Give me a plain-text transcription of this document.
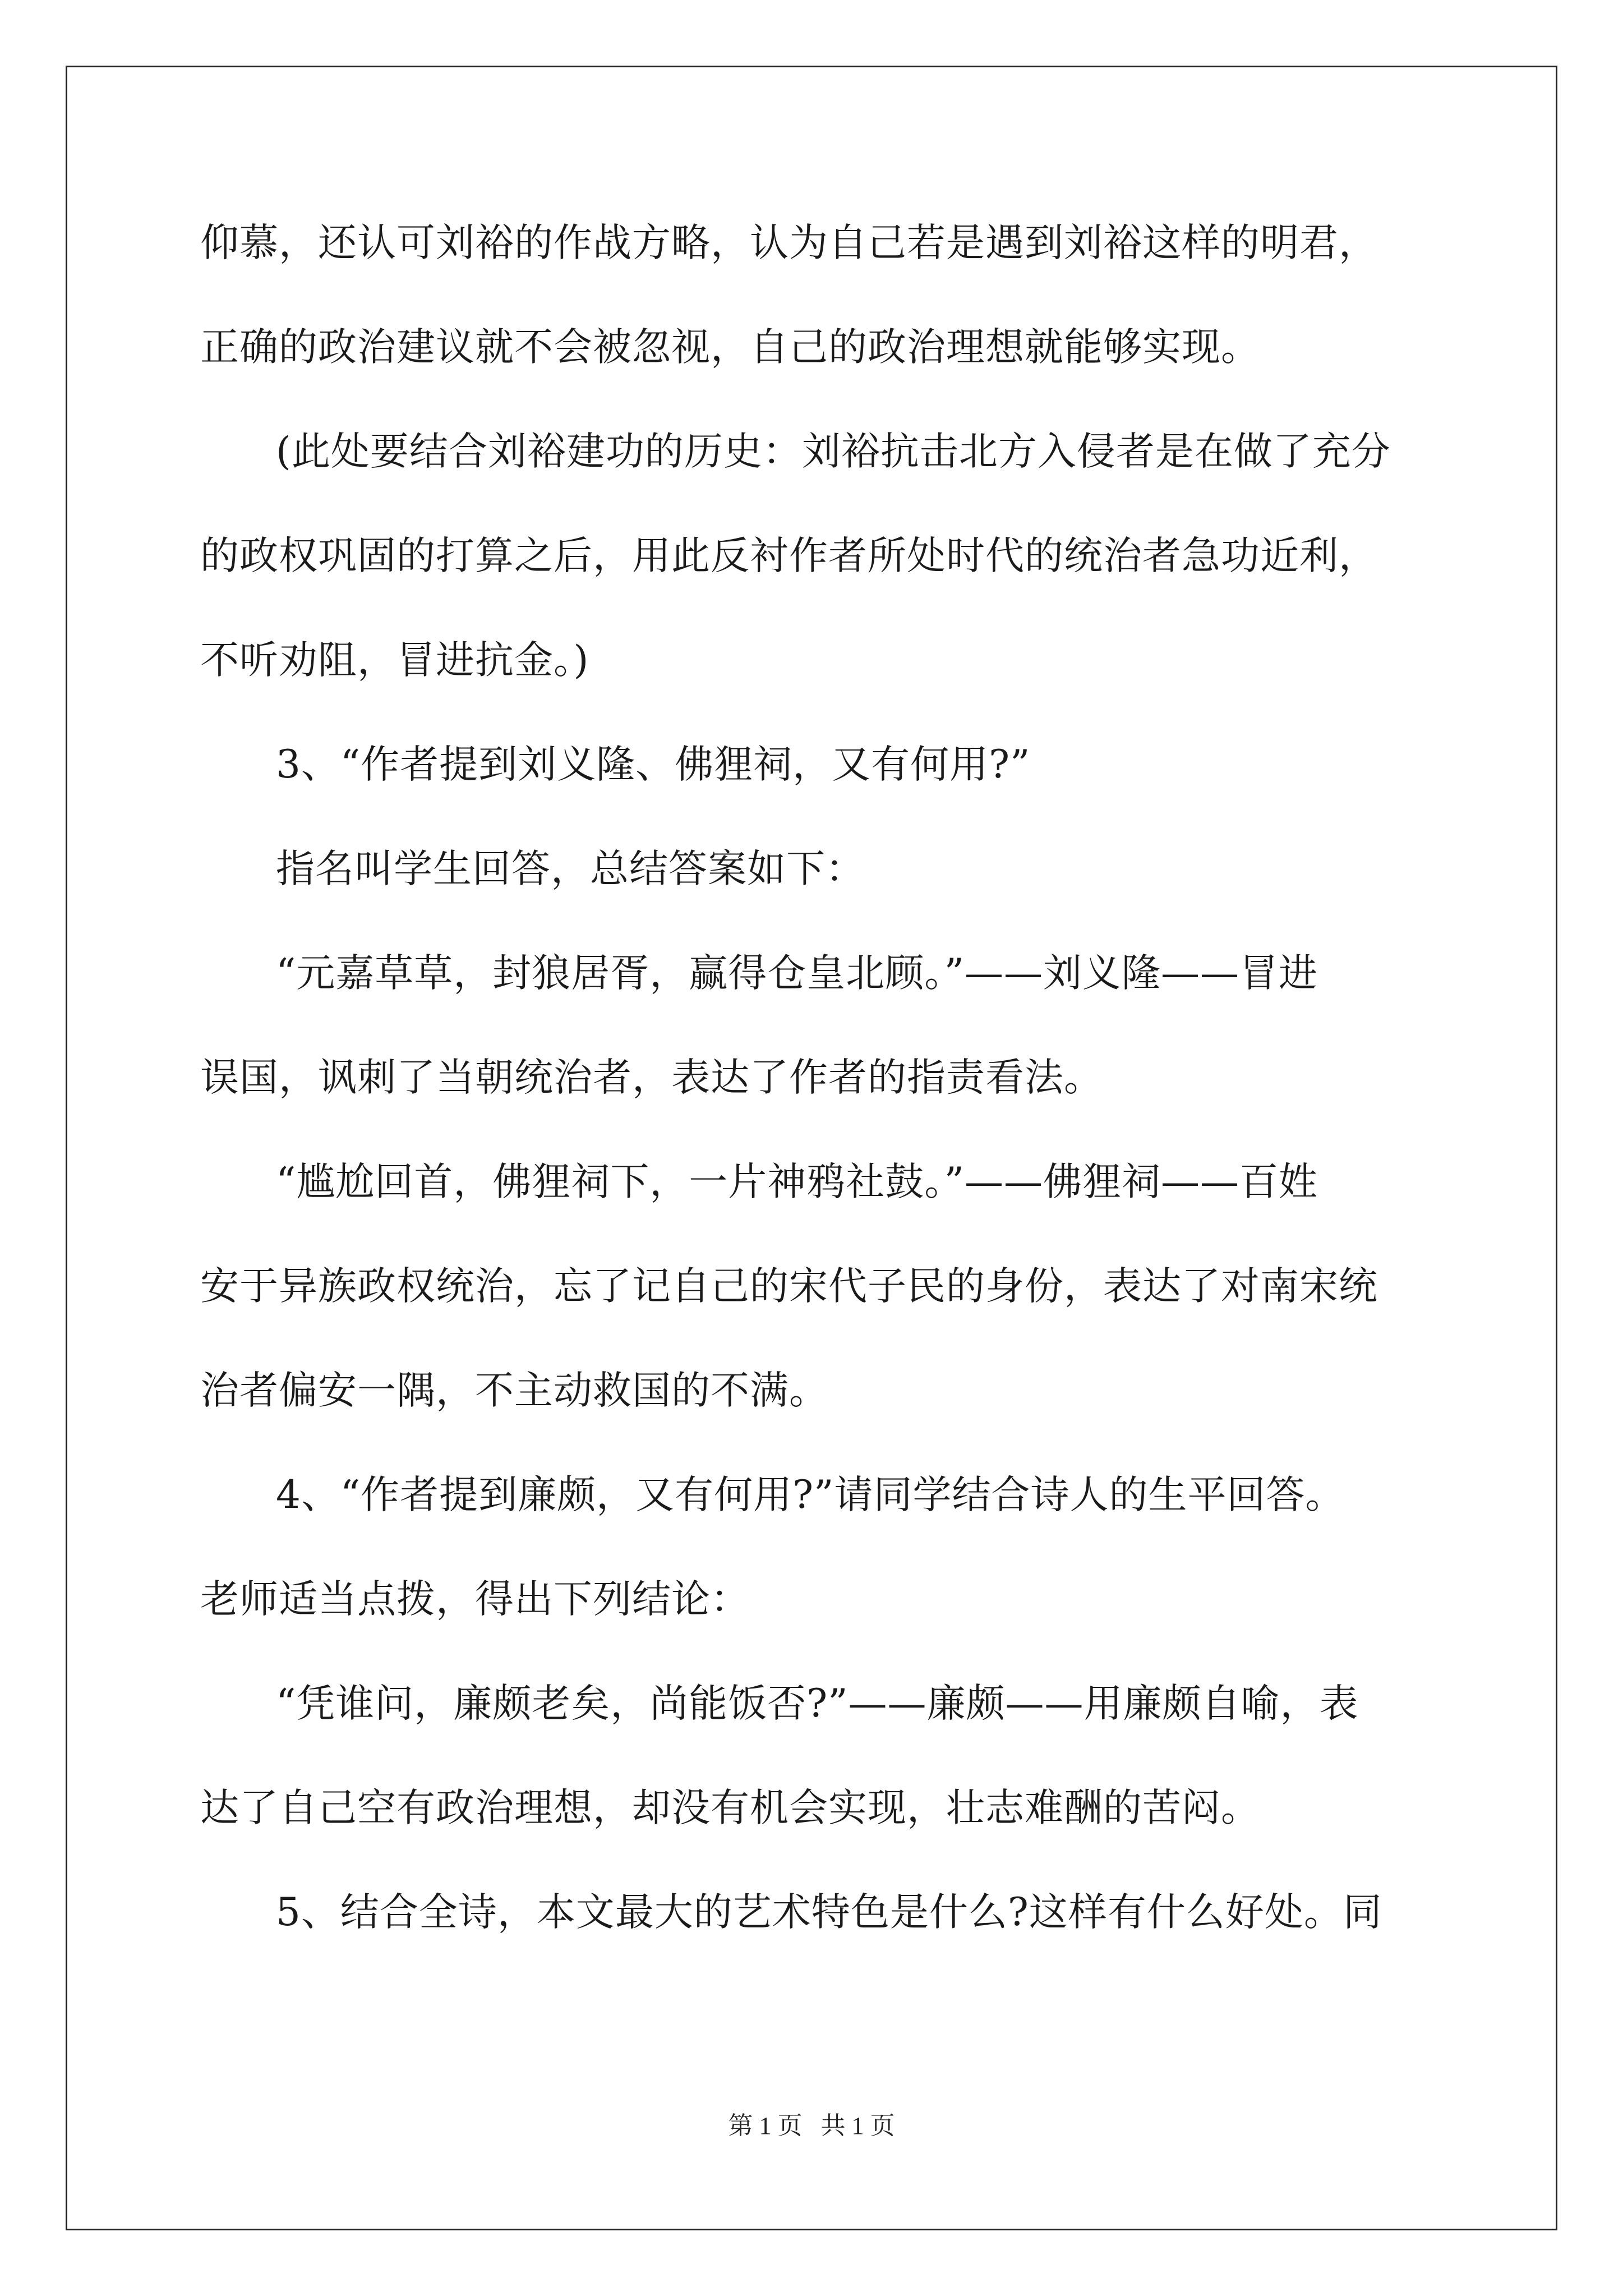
仰慕，还认可刘裕的作战方略，认为自己若是遇到刘裕这样的明君，
正确的政治建议就不会被忽视，自己的政治理想就能够实现。
(此处要结合刘裕建功的历史：刘裕抗击北方入侵者是在做了充分
的政权巩固的打算之后，用此反衬作者所处时代的统治者急功近利，
不听劝阻，冒进抗金。)
3、“作者提到刘义隆、佛狸祠，又有何用?”
指名叫学生回答，总结答案如下：
“元嘉草草，封狼居胥，赢得仓皇北顾。”——刘义隆——冒进
误国，讽刺了当朝统治者，表达了作者的指责看法。
“尴尬回首，佛狸祠下，一片神鸦社鼓。”——佛狸祠——百姓
安于异族政权统治，忘了记自己的宋代子民的身份，表达了对南宋统
治者偏安一隅，不主动救国的不满。
4、“作者提到廉颇，又有何用?”请同学结合诗人的生平回答。
老师适当点拨，得出下列结论：
“凭谁问，廉颇老矣，尚能饭否?”——廉颇——用廉颇自喻，表
达了自己空有政治理想，却没有机会实现，壮志难酬的苦闷。
5、结合全诗，本文最大的艺术特色是什么?这样有什么好处。同
第 1 页   共 1 页
